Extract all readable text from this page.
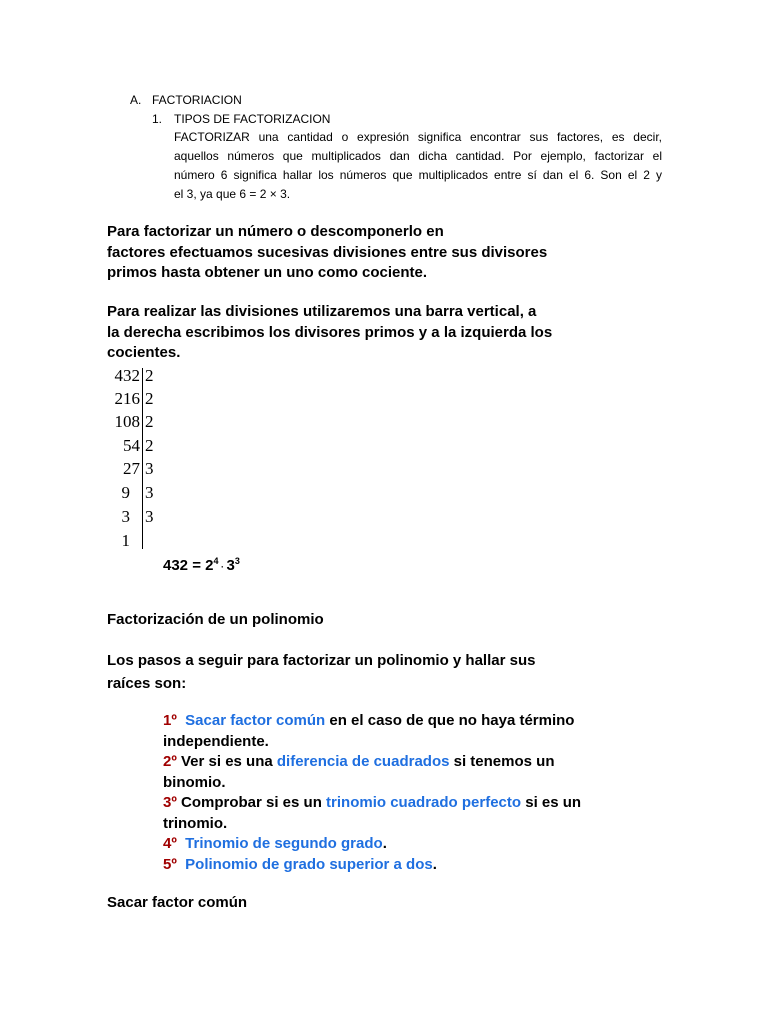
A. FACTORIACION
1. TIPOS DE FACTORIZACION
FACTORIZAR una cantidad o expresión significa encontrar sus factores, es decir,
aquellos números que multiplicados dan dicha cantidad. Por ejemplo, factorizar el
número 6 significa hallar los números que multiplicados entre sí dan el 6. Son el 2 y
el 3, ya que 6 = 2 × 3.
Para factorizar un número o descomponerlo en
factores efectuamos sucesivas divisiones entre sus divisores
primos hasta obtener un uno como cociente.
Para realizar las divisiones utilizaremos una barra vertical, a
la derecha escribimos los divisores primos y a la izquierda los
cocientes.
432 2
216 2
108 2
54 2
27 3
9 3
3 3
1
$432 = 2^4 \cdot 3^3$
Factorización de un polinomio
Los pasos a seguir para factorizar un polinomio y hallar sus
raíces son:
1º Sacar factor común en el caso de que no haya término
independiente.
2º Ver si es una diferencia de cuadrados si tenemos un
binomio.
3º Comprobar si es un trinomio cuadrado perfecto si es un
trinomio.
4º Trinomio de segundo grado.
5º Polinomio de grado superior a dos.
Sacar factor común
